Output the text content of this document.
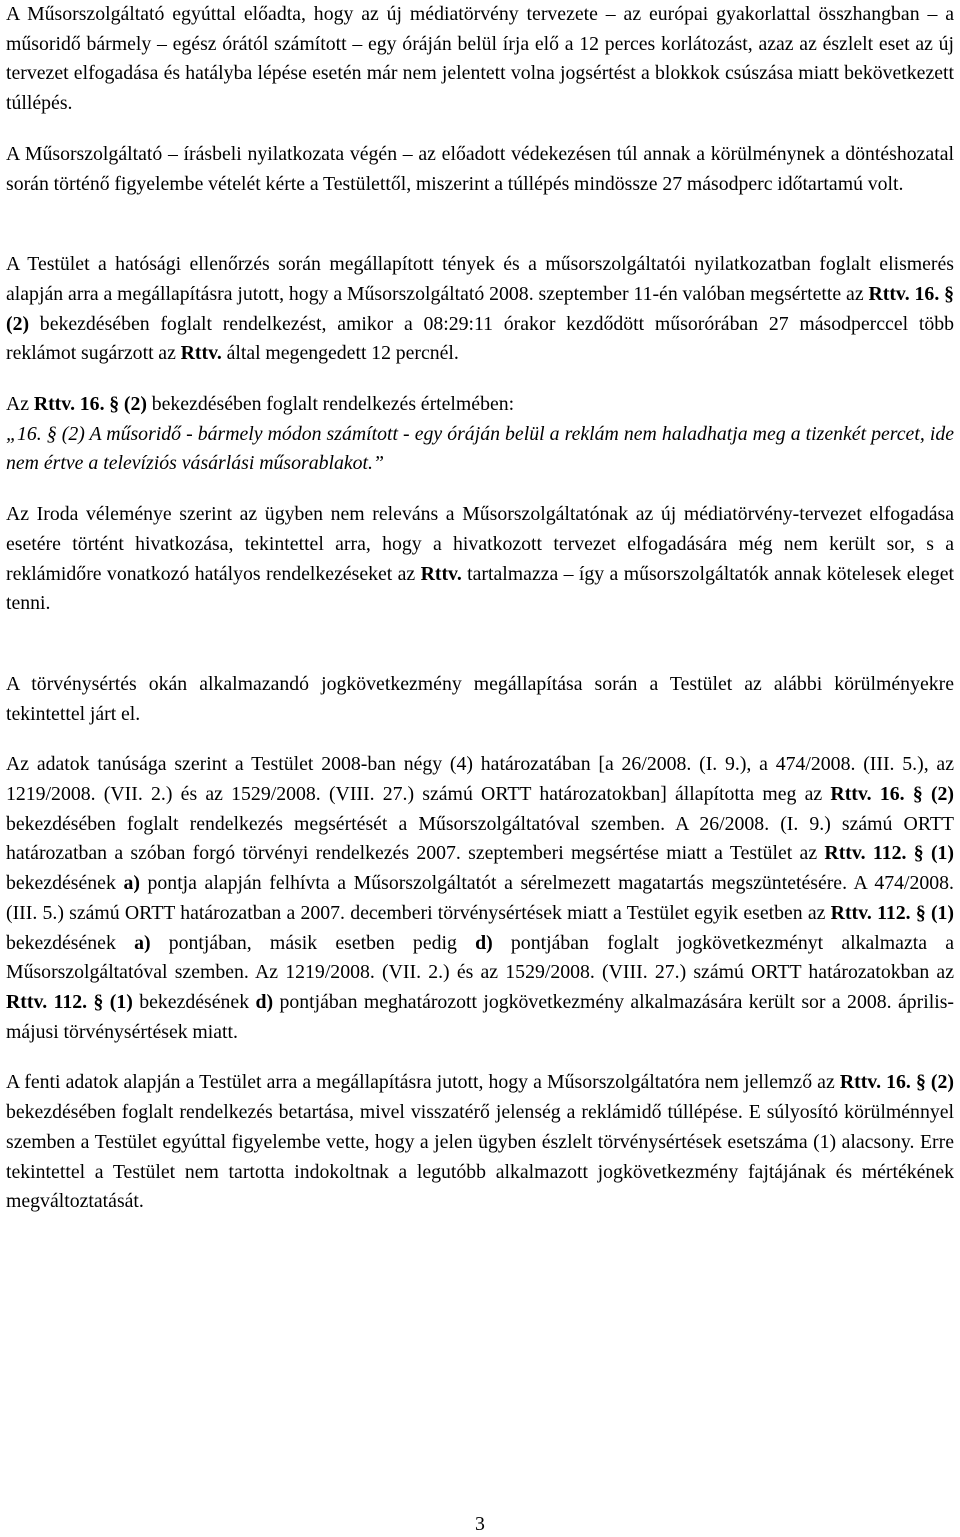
A Műsorszolgáltató egyúttal előadta, hogy az új médiatörvény tervezete – az európai gyakorlattal összhangban – a műsoridő bármely – egész órától számított – egy óráján belül írja elő a 12 perces korlátozást, azaz az észlelt eset az új tervezet elfogadása és hatályba lépése esetén már nem jelentett volna jogsértést a blokkok csúszása miatt bekövetkezett túllépés.

A Műsorszolgáltató – írásbeli nyilatkozata végén – az előadott védekezésen túl annak a körülménynek a döntéshozatal során történő figyelembe vételét kérte a Testülettől, miszerint a túllépés mindössze 27 másodperc időtartamú volt.

A Testület a hatósági ellenőrzés során megállapított tények és a műsorszolgáltatói nyilatkozatban foglalt elismerés alapján arra a megállapításra jutott, hogy a Műsorszolgáltató 2008. szeptember 11-én valóban megsértette az Rttv. 16. § (2) bekezdésében foglalt rendelkezést, amikor a 08:29:11 órakor kezdődött műsorórában 27 másodperccel több reklámot sugárzott az Rttv. által megengedett 12 percnél.

Az Rttv. 16. § (2) bekezdésében foglalt rendelkezés értelmében:

„16. § (2) A műsoridő - bármely módon számított - egy óráján belül a reklám nem haladhatja meg a tizenkét percet, ide nem értve a televíziós vásárlási műsorablakot.”

Az Iroda véleménye szerint az ügyben nem releváns a Műsorszolgáltatónak az új médiatörvény-tervezet elfogadása esetére történt hivatkozása, tekintettel arra, hogy a hivatkozott tervezet elfogadására még nem került sor, s a reklámidőre vonatkozó hatályos rendelkezéseket az Rttv. tartalmazza – így a műsorszolgáltatók annak kötelesek eleget tenni.

A törvénysértés okán alkalmazandó jogkövetkezmény megállapítása során a Testület az alábbi körülményekre tekintettel járt el.

Az adatok tanúsága szerint a Testület 2008-ban négy (4) határozatában [a 26/2008. (I. 9.), a 474/2008. (III. 5.), az 1219/2008. (VII. 2.) és az 1529/2008. (VIII. 27.) számú ORTT határozatokban] állapította meg az Rttv. 16. § (2) bekezdésében foglalt rendelkezés megsértését a Műsorszolgáltatóval szemben. A 26/2008. (I. 9.) számú ORTT határozatban a szóban forgó törvényi rendelkezés 2007. szeptemberi megsértése miatt a Testület az Rttv. 112. § (1) bekezdésének a) pontja alapján felhívta a Műsorszolgáltatót a sérelmezett magatartás megszüntetésére. A 474/2008. (III. 5.) számú ORTT határozatban a 2007. decemberi törvénysértések miatt a Testület egyik esetben az Rttv. 112. § (1) bekezdésének a) pontjában, másik esetben pedig d) pontjában foglalt jogkövetkezményt alkalmazta a Műsorszolgáltatóval szemben. Az 1219/2008. (VII. 2.) és az 1529/2008. (VIII. 27.) számú ORTT határozatokban az Rttv. 112. § (1) bekezdésének d) pontjában meghatározott jogkövetkezmény alkalmazására került sor a 2008. április-májusi törvénysértések miatt.

A fenti adatok alapján a Testület arra a megállapításra jutott, hogy a Műsorszolgáltatóra nem jellemző az Rttv. 16. § (2) bekezdésében foglalt rendelkezés betartása, mivel visszatérő jelenség a reklámidő túllépése. E súlyosító körülménnyel szemben a Testület egyúttal figyelembe vette, hogy a jelen ügyben észlelt törvénysértések esetszáma (1) alacsony. Erre tekintettel a Testület nem tartotta indokoltnak a legutóbb alkalmazott jogkövetkezmény fajtájának és mértékének megváltoztatását.

3
